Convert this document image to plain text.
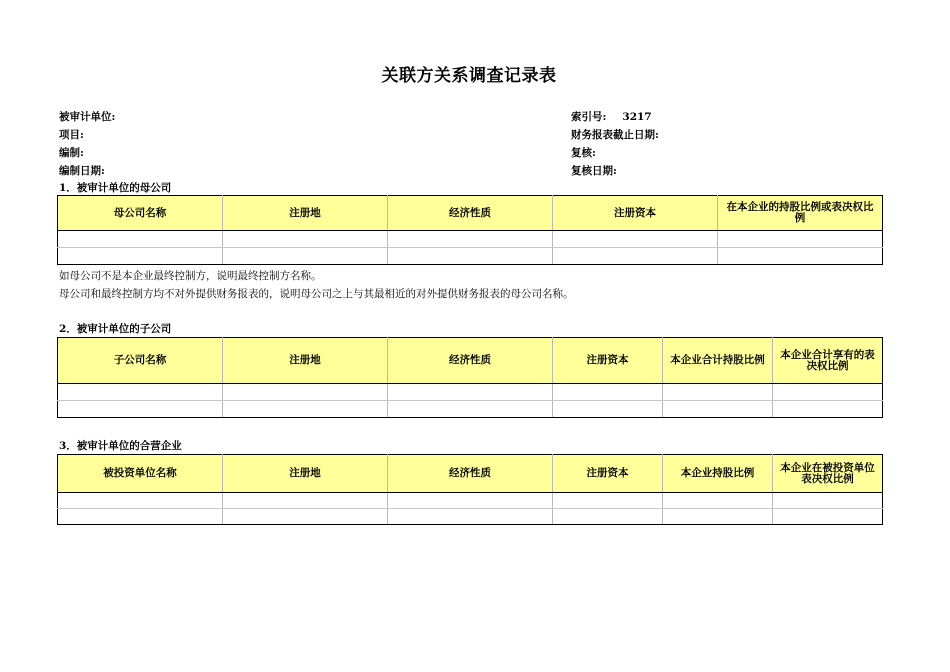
关联方关系调查记录表
被审计单位:
项目:
编制:
编制日期:
索引号: 3217
财务报表截止日期:
复核:
复核日期:
1．被审计单位的母公司
母公司名称	注册地	经济性质	注册资本	在本企业的持股比例或表决权比例

如母公司不是本企业最终控制方，说明最终控制方名称。
母公司和最终控制方均不对外提供财务报表的，说明母公司之上与其最相近的对外提供财务报表的母公司名称。
2．被审计单位的子公司
子公司名称	注册地	经济性质	注册资本	本企业合计持股比例	本企业合计享有的表决权比例

3．被审计单位的合营企业
被投资单位名称	注册地	经济性质	注册资本	本企业持股比例	本企业在被投资单位表决权比例
